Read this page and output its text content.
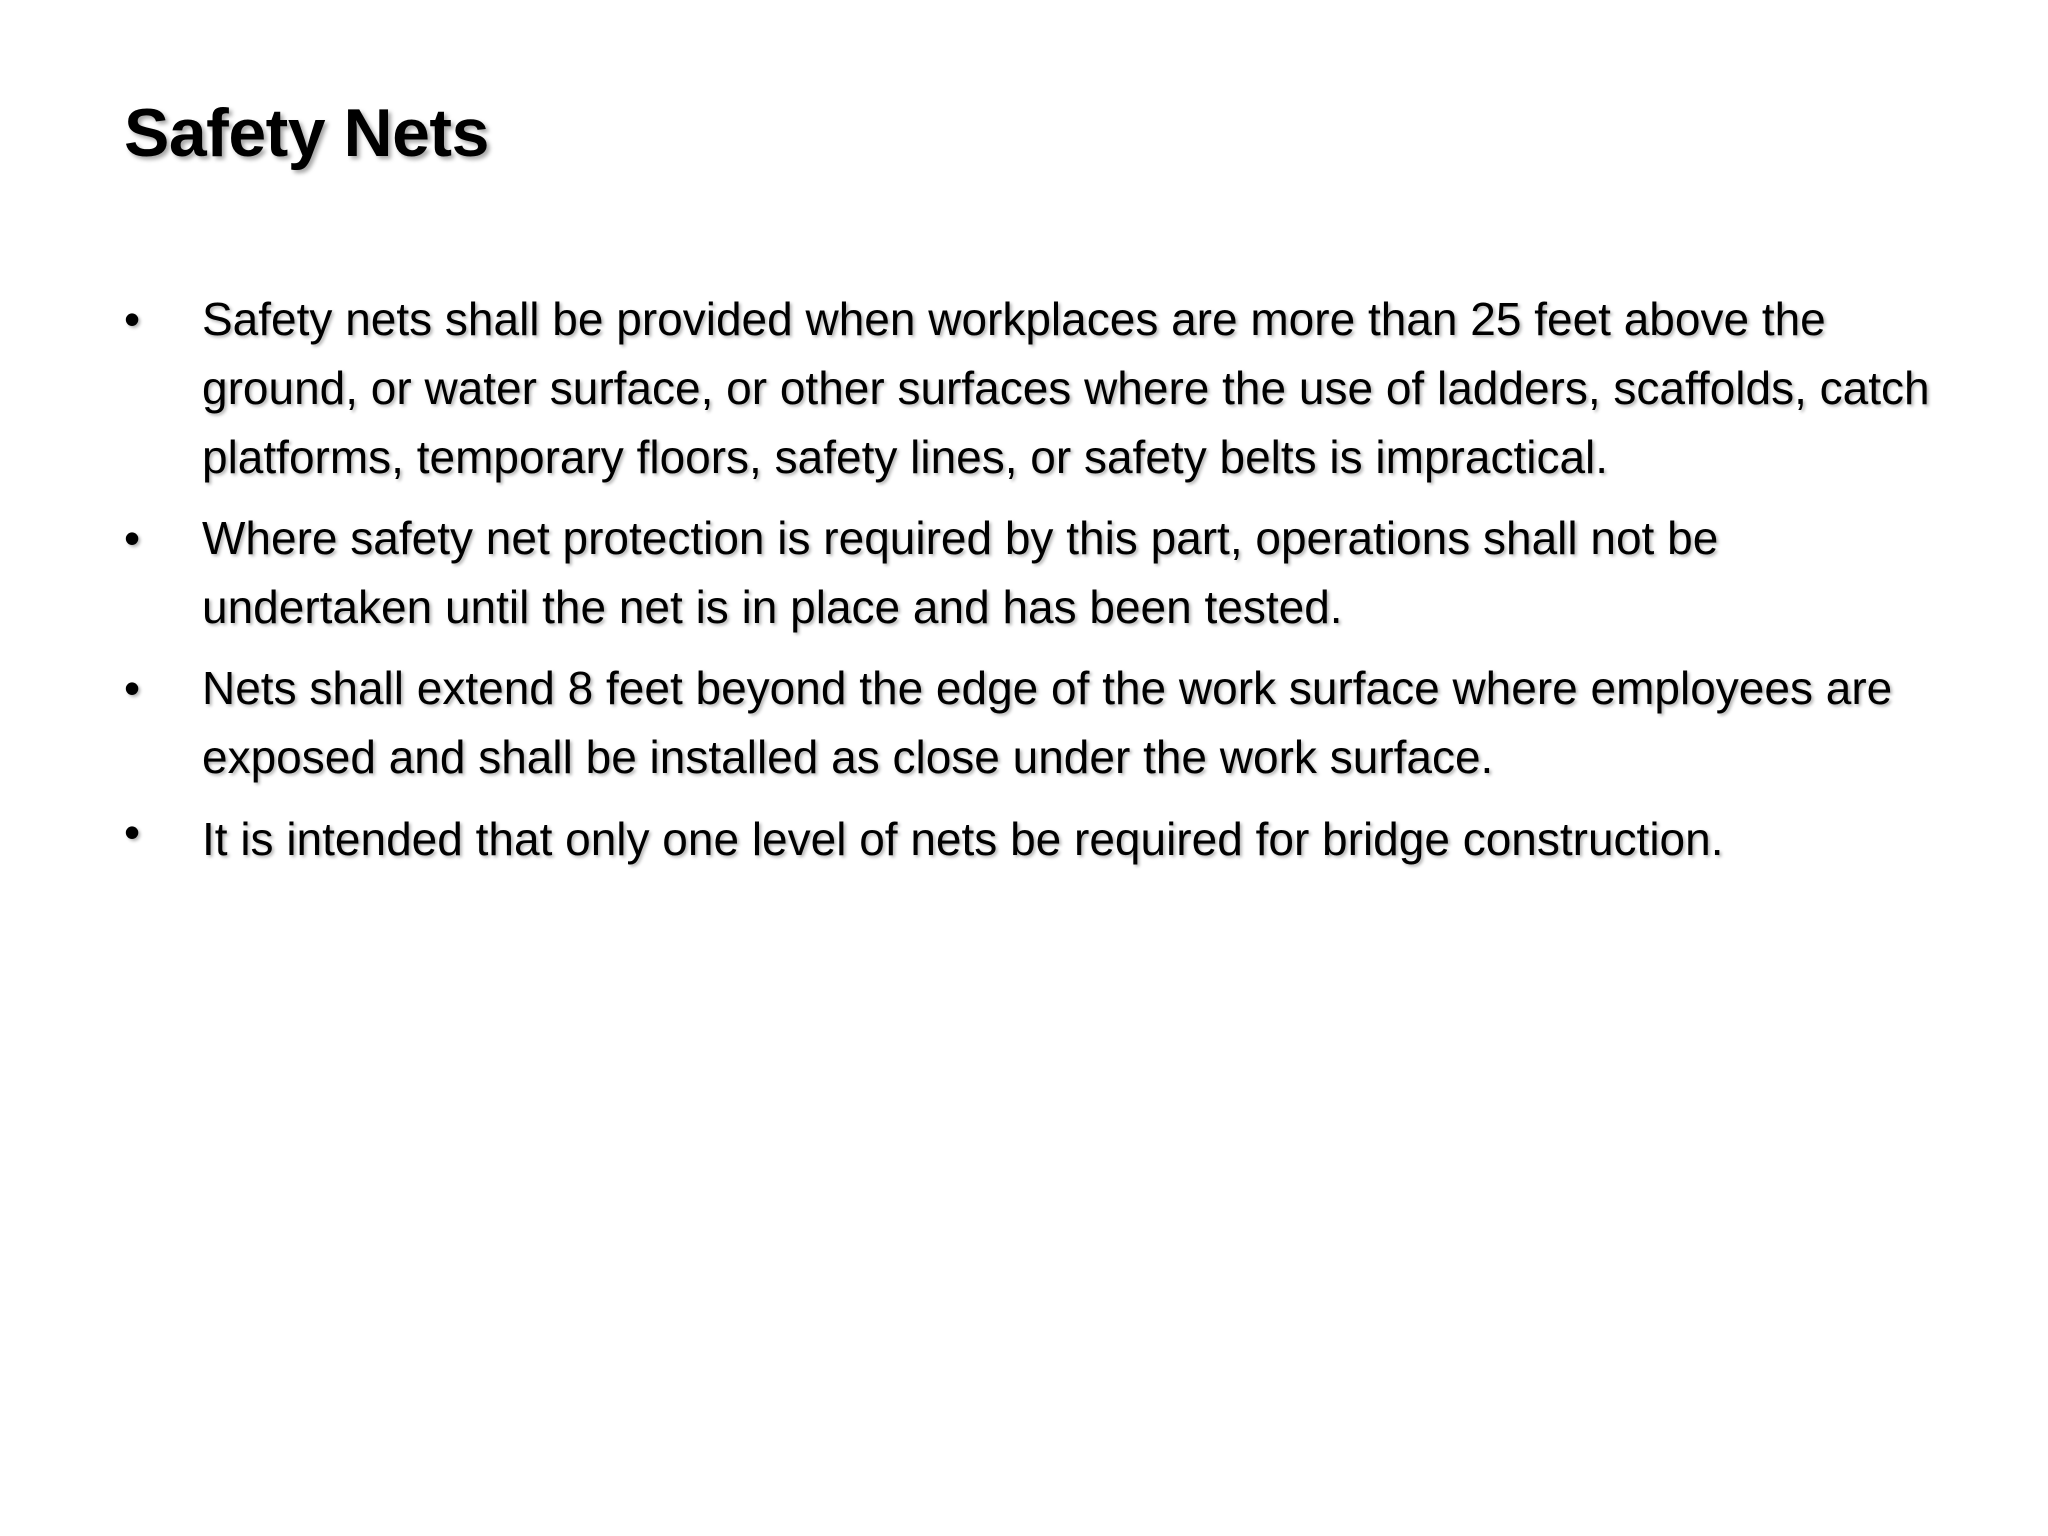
Safety Nets
•	Safety nets shall be provided when workplaces are more than 25 feet above the ground, or water surface, or other surfaces where the use of ladders, scaffolds, catch platforms, temporary floors, safety lines, or safety belts is impractical.
•	Where safety net protection is required by this part, operations shall not be undertaken until the net is in place and has been tested.
•	Nets shall extend 8 feet beyond the edge of the work surface where employees are exposed and shall be installed as close under the work surface.
•	It is intended that only one level of nets be required for bridge construction.
